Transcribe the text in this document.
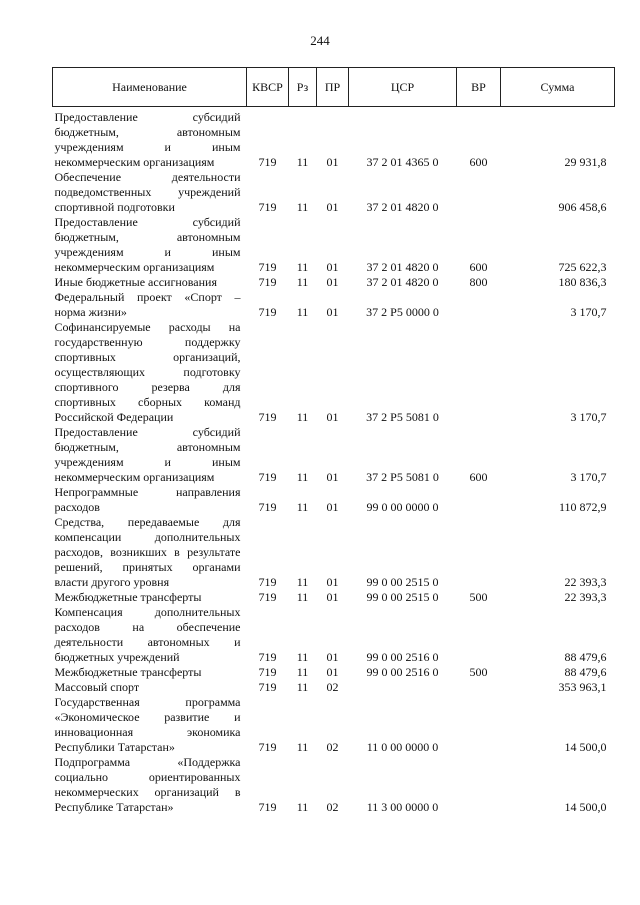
244
Наименование	КВСР	Рз	ПР	ЦСР	ВР	Сумма
Предоставление субсидий бюджетным, автономным учреждениям и иным некоммерческим организациям	719	11	01	37 2 01 4365 0	600	29 931,8
Обеспечение деятельности подведомственных учреждений спортивной подготовки	719	11	01	37 2 01 4820 0		906 458,6
Предоставление субсидий бюджетным, автономным учреждениям и иным некоммерческим организациям	719	11	01	37 2 01 4820 0	600	725 622,3
Иные бюджетные ассигнования	719	11	01	37 2 01 4820 0	800	180 836,3
Федеральный проект «Спорт – норма жизни»	719	11	01	37 2 P5 0000 0		3 170,7
Софинансируемые расходы на государственную поддержку спортивных организаций, осуществляющих подготовку спортивного резерва для спортивных сборных команд Российской Федерации	719	11	01	37 2 P5 5081 0		3 170,7
Предоставление субсидий бюджетным, автономным учреждениям и иным некоммерческим организациям	719	11	01	37 2 P5 5081 0	600	3 170,7
Непрограммные направления расходов	719	11	01	99 0 00 0000 0		110 872,9
Средства, передаваемые для компенсации дополнительных расходов, возникших в результате решений, принятых органами власти другого уровня	719	11	01	99 0 00 2515 0		22 393,3
Межбюджетные трансферты	719	11	01	99 0 00 2515 0	500	22 393,3
Компенсация дополнительных расходов на обеспечение деятельности автономных и бюджетных учреждений	719	11	01	99 0 00 2516 0		88 479,6
Межбюджетные трансферты	719	11	01	99 0 00 2516 0	500	88 479,6
Массовый спорт	719	11	02			353 963,1
Государственная программа «Экономическое развитие и инновационная экономика Республики Татарстан»	719	11	02	11 0 00 0000 0		14 500,0
Подпрограмма «Поддержка социально ориентированных некоммерческих организаций в Республике Татарстан»	719	11	02	11 3 00 0000 0		14 500,0
